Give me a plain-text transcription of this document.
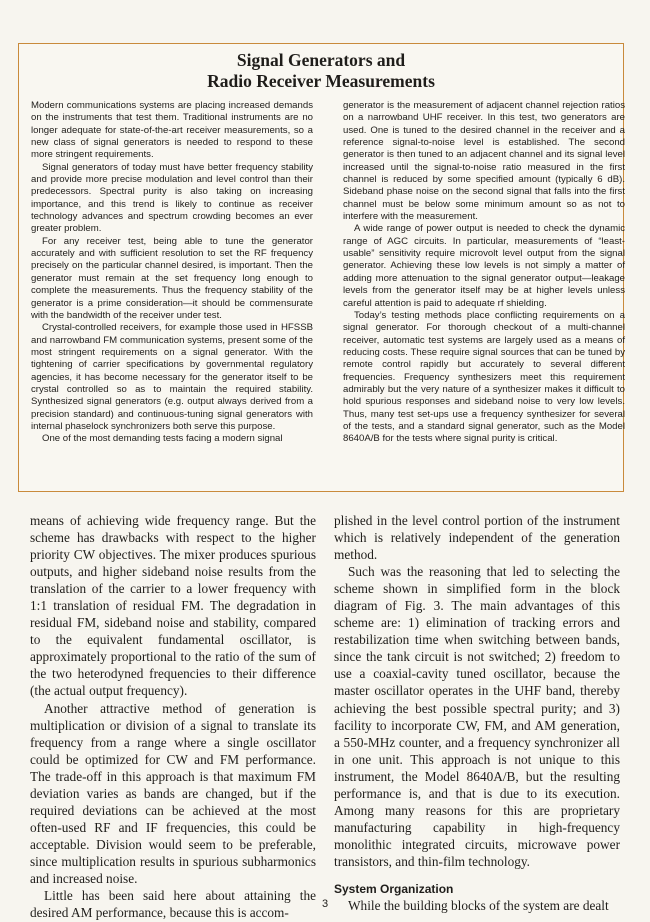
Signal Generators and
Radio Receiver Measurements

Modern communications systems are placing increased demands on the instruments that test them. Traditional instruments are no longer adequate for state-of-the-art receiver measurements, so a new class of signal generators is needed to respond to these more stringent requirements.

Signal generators of today must have better frequency stability and provide more precise modulation and level control than their predecessors. Spectral purity is also taking on increasing importance, and this trend is likely to continue as receiver technology advances and spectrum crowding becomes an ever greater problem.

For any receiver test, being able to tune the generator accurately and with sufficient resolution to set the RF frequency precisely on the particular channel desired, is important. Then the generator must remain at the set frequency long enough to complete the measurements. Thus the frequency stability of the generator is a prime consideration—it should be commensurate with the bandwidth of the receiver under test.

Crystal-controlled receivers, for example those used in HFSSB and narrowband FM communication systems, present some of the most stringent requirements on a signal generator. With the tightening of carrier specifications by governmental regulatory agencies, it has become necessary for the generator itself to be crystal controlled so as to maintain the required stability. Synthesized signal generators (e.g. output always derived from a precision standard) and continuous-tuning signal generators with internal phaselock synchronizers both serve this purpose.

One of the most demanding tests facing a modern signal

generator is the measurement of adjacent channel rejection ratios on a narrowband UHF receiver. In this test, two generators are used. One is tuned to the desired channel in the receiver and a reference signal-to-noise level is established. The second generator is then tuned to an adjacent channel and its signal level increased until the signal-to-noise ratio measured in the first channel is reduced by some specified amount (typically 6 dB). Sideband phase noise on the second signal that falls into the first channel must be below some minimum amount so as not to interfere with the measurement.

A wide range of power output is needed to check the dynamic range of AGC circuits. In particular, measurements of “least-usable” sensitivity require microvolt level output from the signal generator. Achieving these low levels is not simply a matter of adding more attenuation to the signal generator output—leakage levels from the generator itself may be at higher levels unless careful attention is paid to adequate rf shielding.

Today’s testing methods place conflicting requirements on a signal generator. For thorough checkout of a multi-channel receiver, automatic test systems are largely used as a means of reducing costs. These require signal sources that can be tuned by remote control rapidly but accurately to several different frequencies. Frequency synthesizers meet this requirement admirably but the very nature of a synthesizer makes it difficult to hold spurious responses and sideband noise to very low levels. Thus, many test set-ups use a frequency synthesizer for several of the tests, and a standard signal generator, such as the Model 8640A/B for the tests where signal purity is critical.

means of achieving wide frequency range. But the scheme has drawbacks with respect to the higher priority CW objectives. The mixer produces spurious outputs, and higher sideband noise results from the translation of the carrier to a lower frequency with 1:1 translation of residual FM. The degradation in residual FM, sideband noise and stability, compared to the equivalent fundamental oscillator, is approximately proportional to the ratio of the sum of the two heterodyned frequencies to their difference (the actual output frequency).

Another attractive method of generation is multiplication or division of a signal to translate its frequency from a range where a single oscillator could be optimized for CW and FM performance. The trade-off in this approach is that maximum FM deviation varies as bands are changed, but if the required deviations can be achieved at the most often-used RF and IF frequencies, this could be acceptable. Division would seem to be preferable, since multiplication results in spurious subharmonics and increased noise.

Little has been said here about attaining the desired AM performance, because this is accom-

plished in the level control portion of the instrument which is relatively independent of the generation method.

Such was the reasoning that led to selecting the scheme shown in simplified form in the block diagram of Fig. 3. The main advantages of this scheme are: 1) elimination of tracking errors and restabilization time when switching between bands, since the tank circuit is not switched; 2) freedom to use a coaxial-cavity tuned oscillator, because the master oscillator operates in the UHF band, thereby achieving the best possible spectral purity; and 3) facility to incorporate CW, FM, and AM generation, a 550-MHz counter, and a frequency synchronizer all in one unit. This approach is not unique to this instrument, the Model 8640A/B, but the resulting performance is, and that is due to its execution. Among many reasons for this are proprietary manufacturing capability in high-frequency monolithic integrated circuits, microwave power transistors, and thin-film technology.

System Organization

While the building blocks of the system are dealt

3
